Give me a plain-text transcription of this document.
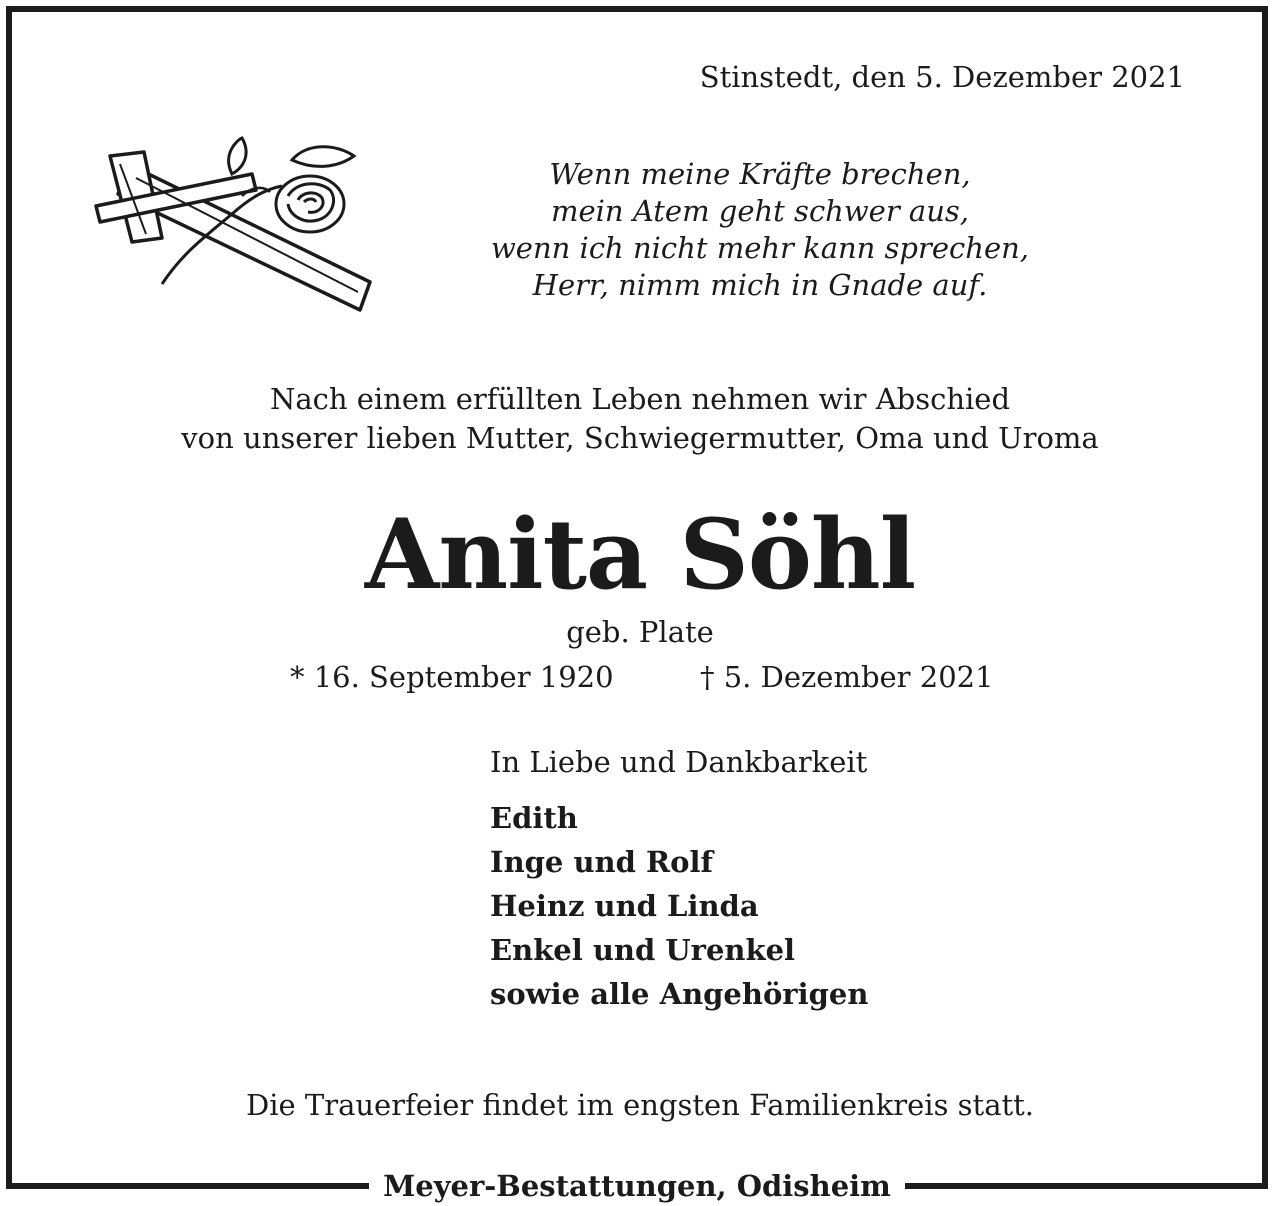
Stinstedt, den 5. Dezember 2021
Wenn meine Kräfte brechen,
mein Atem geht schwer aus,
wenn ich nicht mehr kann sprechen,
Herr, nimm mich in Gnade auf.
Nach einem erfüllten Leben nehmen wir Abschied
von unserer lieben Mutter, Schwiegermutter, Oma und Uroma
Anita Söhl
geb. Plate
* 16. September 1920	† 5. Dezember 2021
In Liebe und Dankbarkeit
Edith
Inge und Rolf
Heinz und Linda
Enkel und Urenkel
sowie alle Angehörigen
Die Trauerfeier findet im engsten Familienkreis statt.
Meyer-Bestattungen, Odisheim
